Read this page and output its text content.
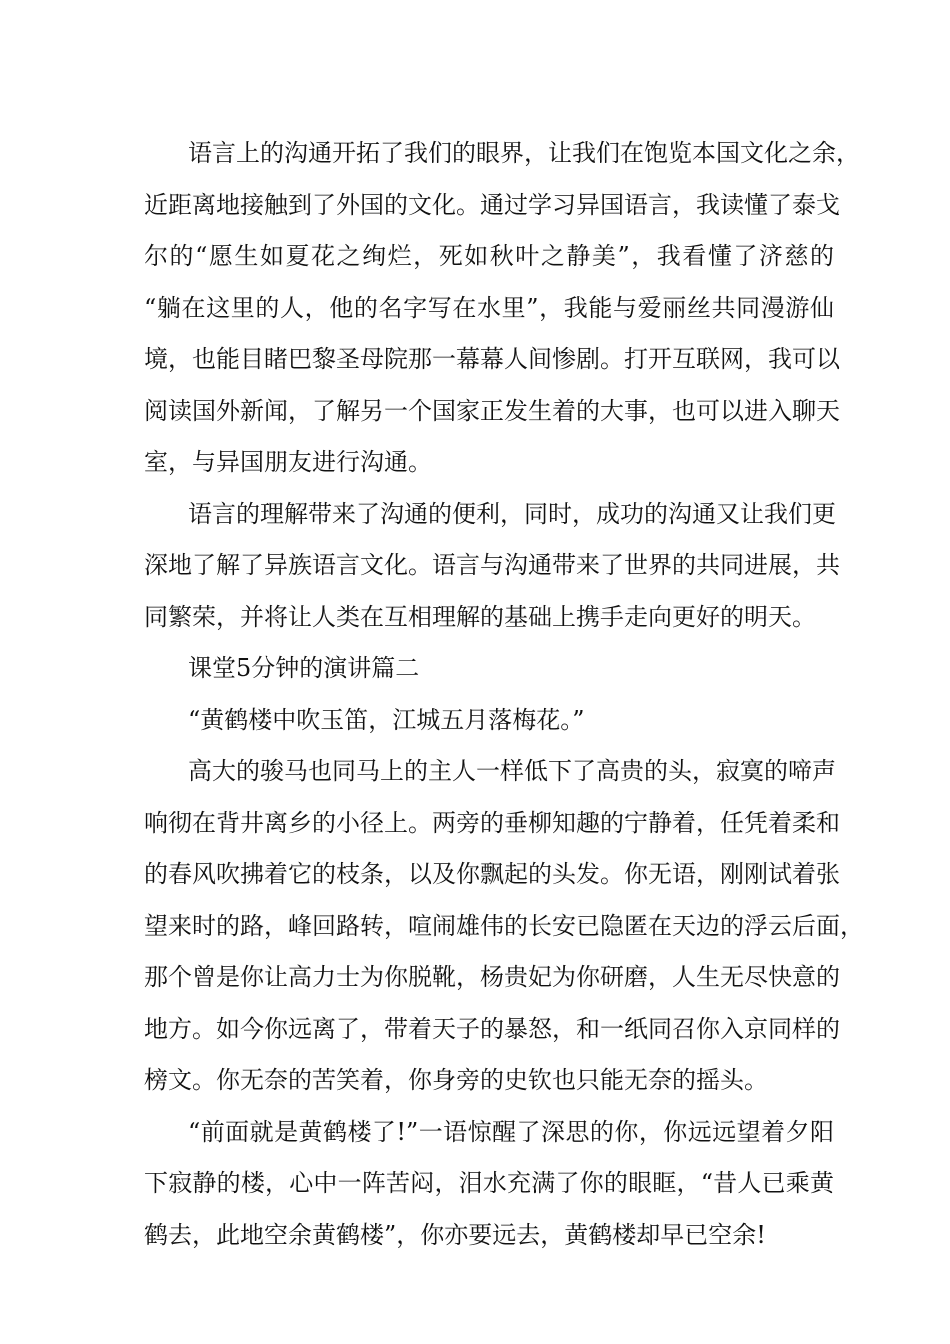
语言上的沟通开拓了我们的眼界，让我们在饱览本国文化之余，
近距离地接触到了外国的文化。通过学习异国语言，我读懂了泰戈
尔的“愿生如夏花之绚烂，死如秋叶之静美”，我看懂了济慈的
“躺在这里的人，他的名字写在水里”，我能与爱丽丝共同漫游仙
境，也能目睹巴黎圣母院那一幕幕人间惨剧。打开互联网，我可以
阅读国外新闻，了解另一个国家正发生着的大事，也可以进入聊天
室，与异国朋友进行沟通。
语言的理解带来了沟通的便利，同时，成功的沟通又让我们更
深地了解了异族语言文化。语言与沟通带来了世界的共同进展，共
同繁荣，并将让人类在互相理解的基础上携手走向更好的明天。
课堂5分钟的演讲篇二
“黄鹤楼中吹玉笛，江城五月落梅花。”
高大的骏马也同马上的主人一样低下了高贵的头，寂寞的啼声
响彻在背井离乡的小径上。两旁的垂柳知趣的宁静着，任凭着柔和
的春风吹拂着它的枝条，以及你飘起的头发。你无语，刚刚试着张
望来时的路，峰回路转，喧闹雄伟的长安已隐匿在天边的浮云后面，
那个曾是你让高力士为你脱靴，杨贵妃为你研磨，人生无尽快意的
地方。如今你远离了，带着天子的暴怒，和一纸同召你入京同样的
榜文。你无奈的苦笑着，你身旁的史钦也只能无奈的摇头。
“前面就是黄鹤楼了!”一语惊醒了深思的你，你远远望着夕阳
下寂静的楼，心中一阵苦闷，泪水充满了你的眼眶，“昔人已乘黄
鹤去，此地空余黄鹤楼”，你亦要远去，黄鹤楼却早已空余!
